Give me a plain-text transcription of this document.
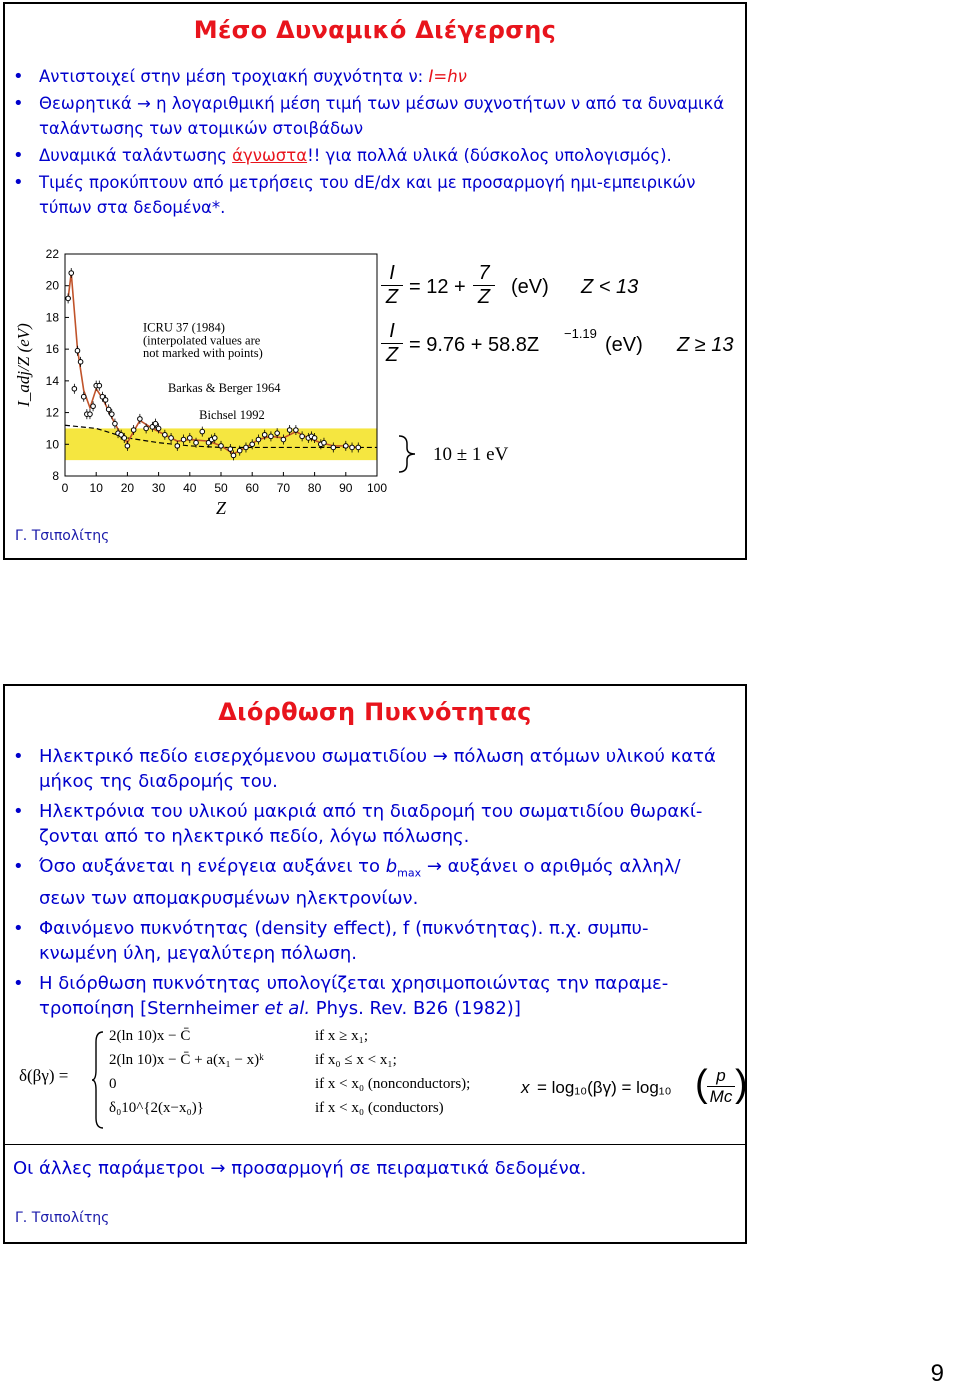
Μέσο Δυναμικό Διέγερσης
• Αντιστοιχεί στην μέση τροχιακή συχνότητα ν: I=hν
• Θεωρητικά → η λογαριθμική μέση τιμή των μέσων συχνοτήτων ν από τα δυναμικά ταλάντωσης των ατομικών στοιβάδων
• Δυναμικά ταλάντωσης άγνωστα!! για πολλά υλικά (δύσκολος υπολογισμός).
• Τιμές προκύπτουν από μετρήσεις του dE/dx και με προσαρμογή ημι-εμπειρικών τύπων στα δεδομένα*.
0 10 20 30 40 50 60 70 80 90 100
8
10
12
14
16
18
20
22
Z
I_adj/Z (eV)	ICRU 37 (1984)
(interpolated values are
not marked with points)
Barkas & Berger 1964
Bichsel 1992
$\frac{I}{Z} = 12 + \frac{7}{Z} (eV) Z < 13$
$\frac{I}{Z} = 9.76 + 58.8Z$
−1.19
(eV) Z ≥ 13
10 ± 1 eV
Γ. Τσιπολίτης
Διόρθωση Πυκνότητας
• Ηλεκτρικό πεδίο εισερχόμενου σωματιδίου → πόλωση ατόμων υλικού κατά μήκος της διαδρομής του.
• Ηλεκτρόνια του υλικού μακριά από τη διαδρομή του σωματιδίου θωρακί-ζονται από το ηλεκτρικό πεδίο, λόγω πόλωσης.
• Όσο αυξάνεται η ενέργεια αυξάνει το $b_{max} \to \alpha\upsilon\xi ά\nu\varepsilon\iota$ ο αριθμός αλληλ/σεων των απομακρυσμένων ηλεκτρονίων.
• Φαινόμενο πυκνότητας (density effect), f (πυκνότητας). π.χ. συμπυ-κνωμένη ύλη, μεγαλύτερη πόλωση.
• Η διόρθωση πυκνότητας υπολογίζεται χρησιμοποιώντας την παραμε-τροποίηση [Sternheimer et al. Phys. Rev. B26 (1982)]
δ(βγ) =
2(ln 10)x − C̄
2(ln 10)x − C̄ + a(x₁ − x)ᵏ
0
δ₀10^{2(x−x₀)}
if x ≥ x₁;
if x₀ ≤ x < x₁;
if x < x₀ (nonconductors);
if x < x₀ (conductors)
x = log₁₀(βγ) = log₁₀ ( $\frac{p}{Mc}$ )
Οι άλλες παράμετροι → προσαρμογή σε πειραματικά δεδομένα.
Γ. Τσιπολίτης
9
